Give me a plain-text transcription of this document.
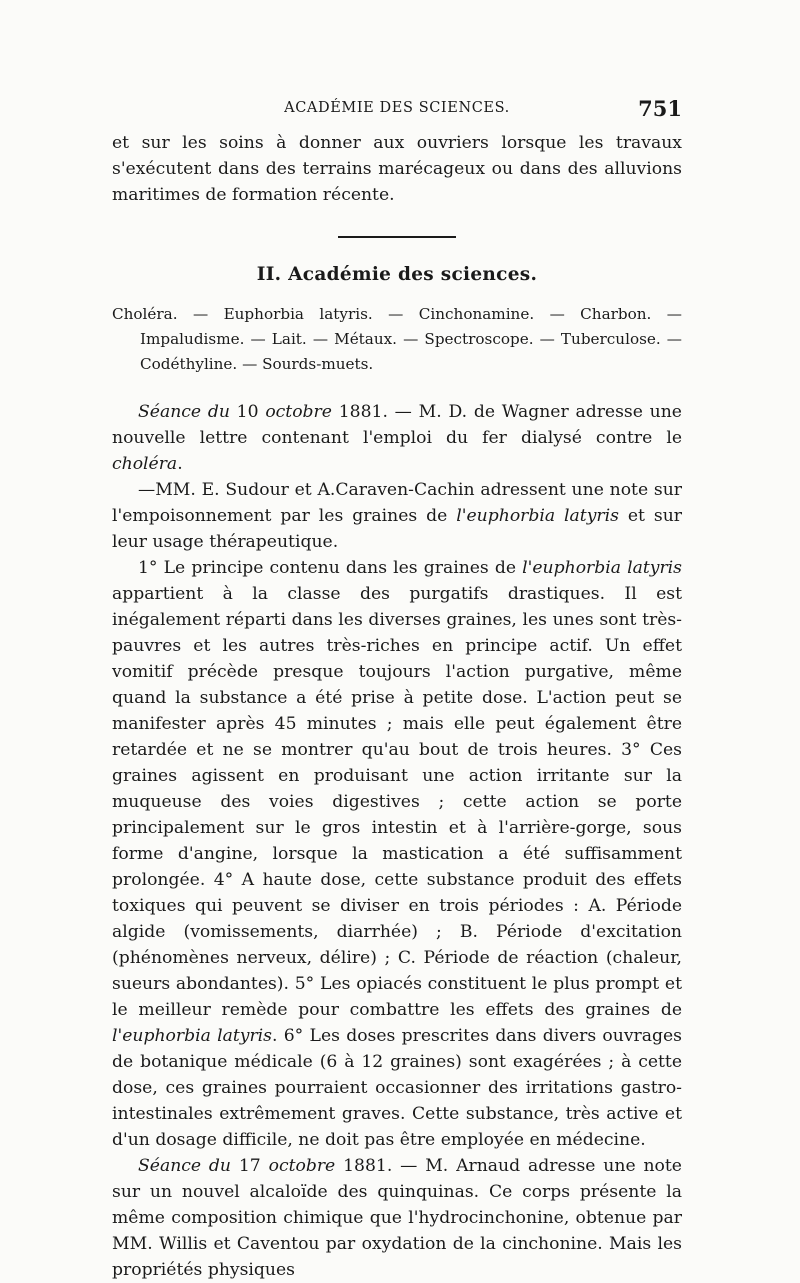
ACADÉMIE DES SCIENCES.	751
et sur les soins à donner aux ouvriers lorsque les travaux s'exécutent dans des terrains marécageux ou dans des alluvions maritimes de formation récente.
II. Académie des sciences.
Choléra. — Euphorbia latyris. — Cinchonamine. — Charbon. — Impaludisme. — Lait. — Métaux. — Spectroscope. — Tuberculose. — Codéthyline. — Sourds-muets.

Séance du 10 octobre 1881. — M. D. de Wagner adresse une nouvelle lettre contenant l'emploi du fer dialysé contre le choléra.

—MM. E. Sudour et A.Caraven-Cachin adressent une note sur l'empoisonnement par les graines de l'euphorbia latyris et sur leur usage thérapeutique.

1° Le principe contenu dans les graines de l'euphorbia latyris appartient à la classe des purgatifs drastiques. Il est inégalement réparti dans les diverses graines, les unes sont très-pauvres et les autres très-riches en principe actif. Un effet vomitif précède presque toujours l'action purgative, même quand la substance a été prise à petite dose. L'action peut se manifester après 45 minutes ; mais elle peut également être retardée et ne se montrer qu'au bout de trois heures. 3° Ces graines agissent en produisant une action irritante sur la muqueuse des voies digestives ; cette action se porte principalement sur le gros intestin et à l'arrière-gorge, sous forme d'angine, lorsque la mastication a été suffisamment prolongée. 4° A haute dose, cette substance produit des effets toxiques qui peuvent se diviser en trois périodes : A. Période algide (vomissements, diarrhée) ; B. Période d'excitation (phénomènes nerveux, délire) ; C. Période de réaction (chaleur, sueurs abondantes). 5° Les opiacés constituent le plus prompt et le meilleur remède pour combattre les effets des graines de l'euphorbia latyris. 6° Les doses prescrites dans divers ouvrages de botanique médicale (6 à 12 graines) sont exagérées ; à cette dose, ces graines pourraient occasionner des irritations gastro-intestinales extrêmement graves. Cette substance, très active et d'un dosage difficile, ne doit pas être employée en médecine.

Séance du 17 octobre 1881. — M. Arnaud adresse une note sur un nouvel alcaloïde des quinquinas. Ce corps présente la même composition chimique que l'hydrocinchonine, obtenue par MM. Willis et Caventou par oxydation de la cinchonine. Mais les propriétés physiques
